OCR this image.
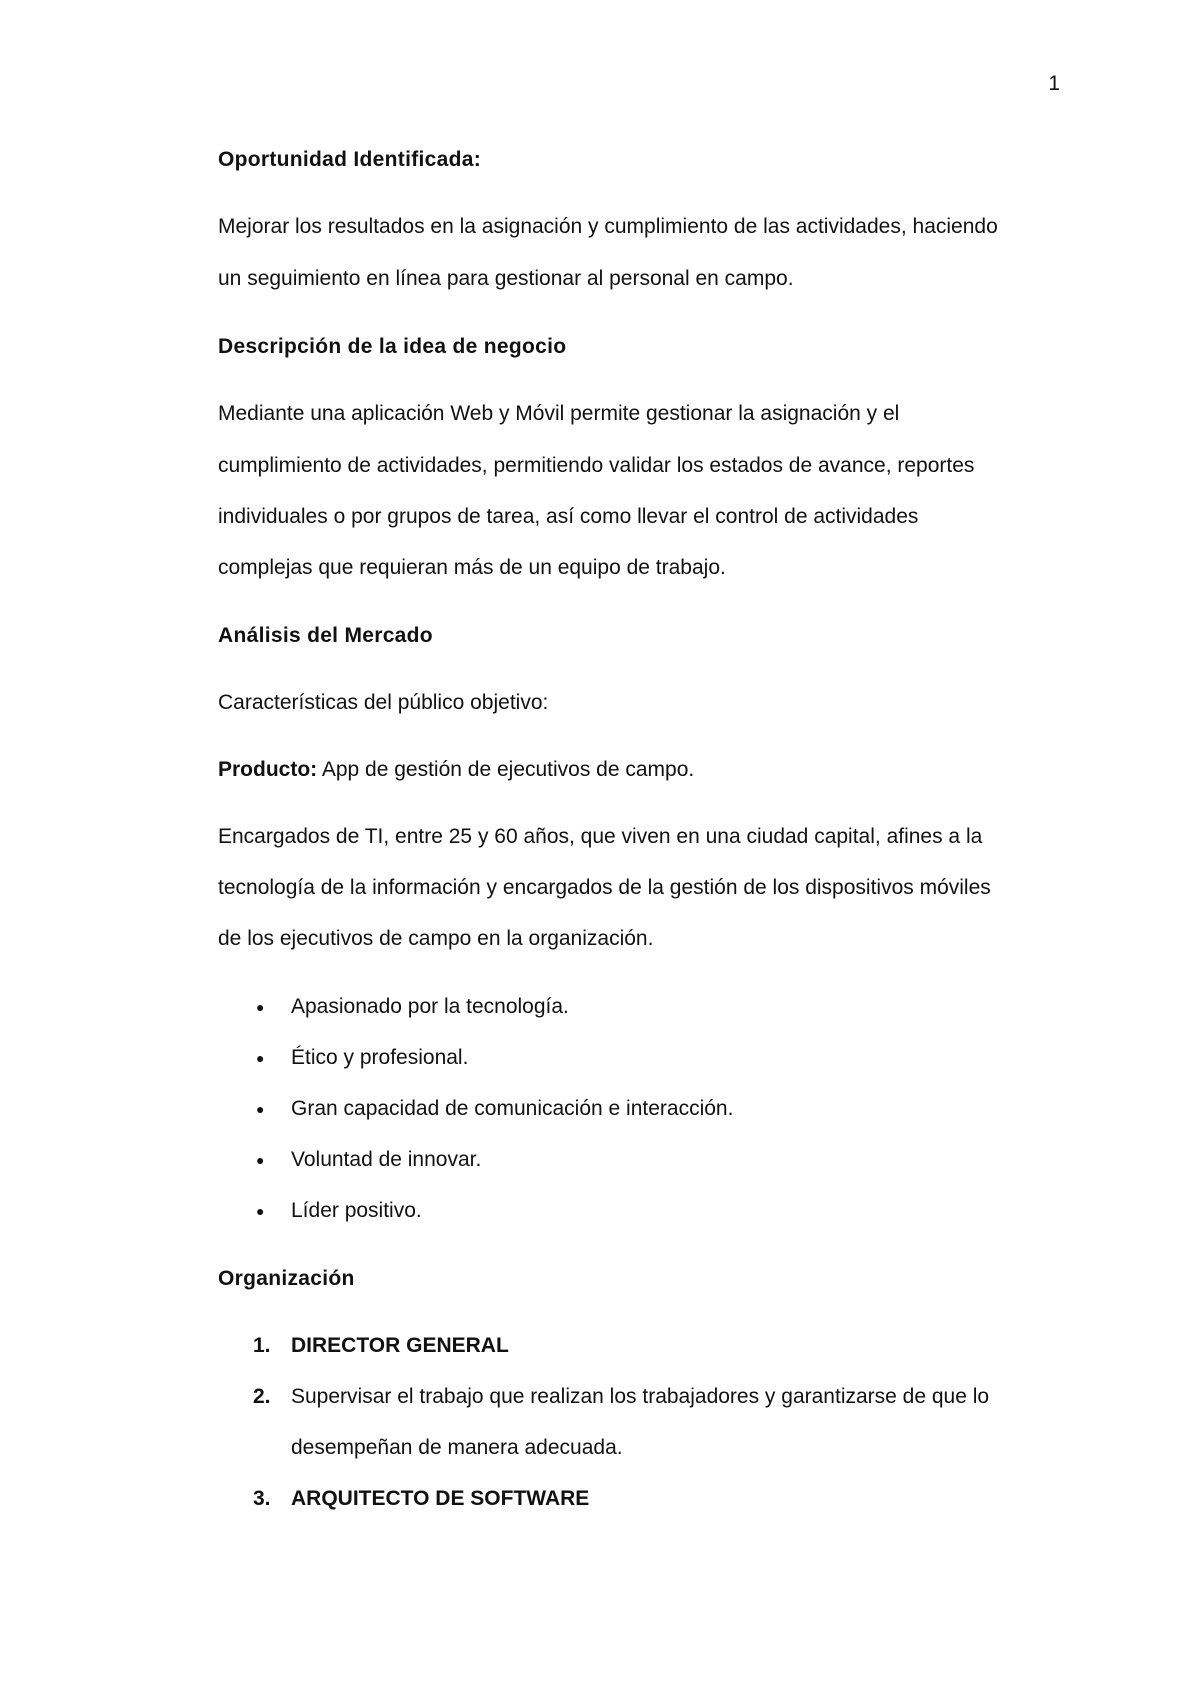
1
Oportunidad Identificada:
Mejorar los resultados en la asignación y cumplimiento de las actividades, haciendo
un seguimiento en línea para gestionar al personal en campo.
Descripción de la idea de negocio
Mediante una aplicación Web y Móvil permite gestionar la asignación y el
cumplimiento de actividades, permitiendo validar los estados de avance, reportes
individuales o por grupos de tarea, así como llevar el control de actividades
complejas que requieran más de un equipo de trabajo.
Análisis del Mercado
Características del público objetivo:
Producto: App de gestión de ejecutivos de campo.
Encargados de TI, entre 25 y 60 años, que viven en una ciudad capital, afines a la
tecnología de la información y encargados de la gestión de los dispositivos móviles
de los ejecutivos de campo en la organización.
● Apasionado por la tecnología.
● Ético y profesional.
● Gran capacidad de comunicación e interacción.
● Voluntad de innovar.
● Líder positivo.
Organización
1. DIRECTOR GENERAL
2. Supervisar el trabajo que realizan los trabajadores y garantizarse de que lo
desempeñan de manera adecuada.
3. ARQUITECTO DE SOFTWARE
